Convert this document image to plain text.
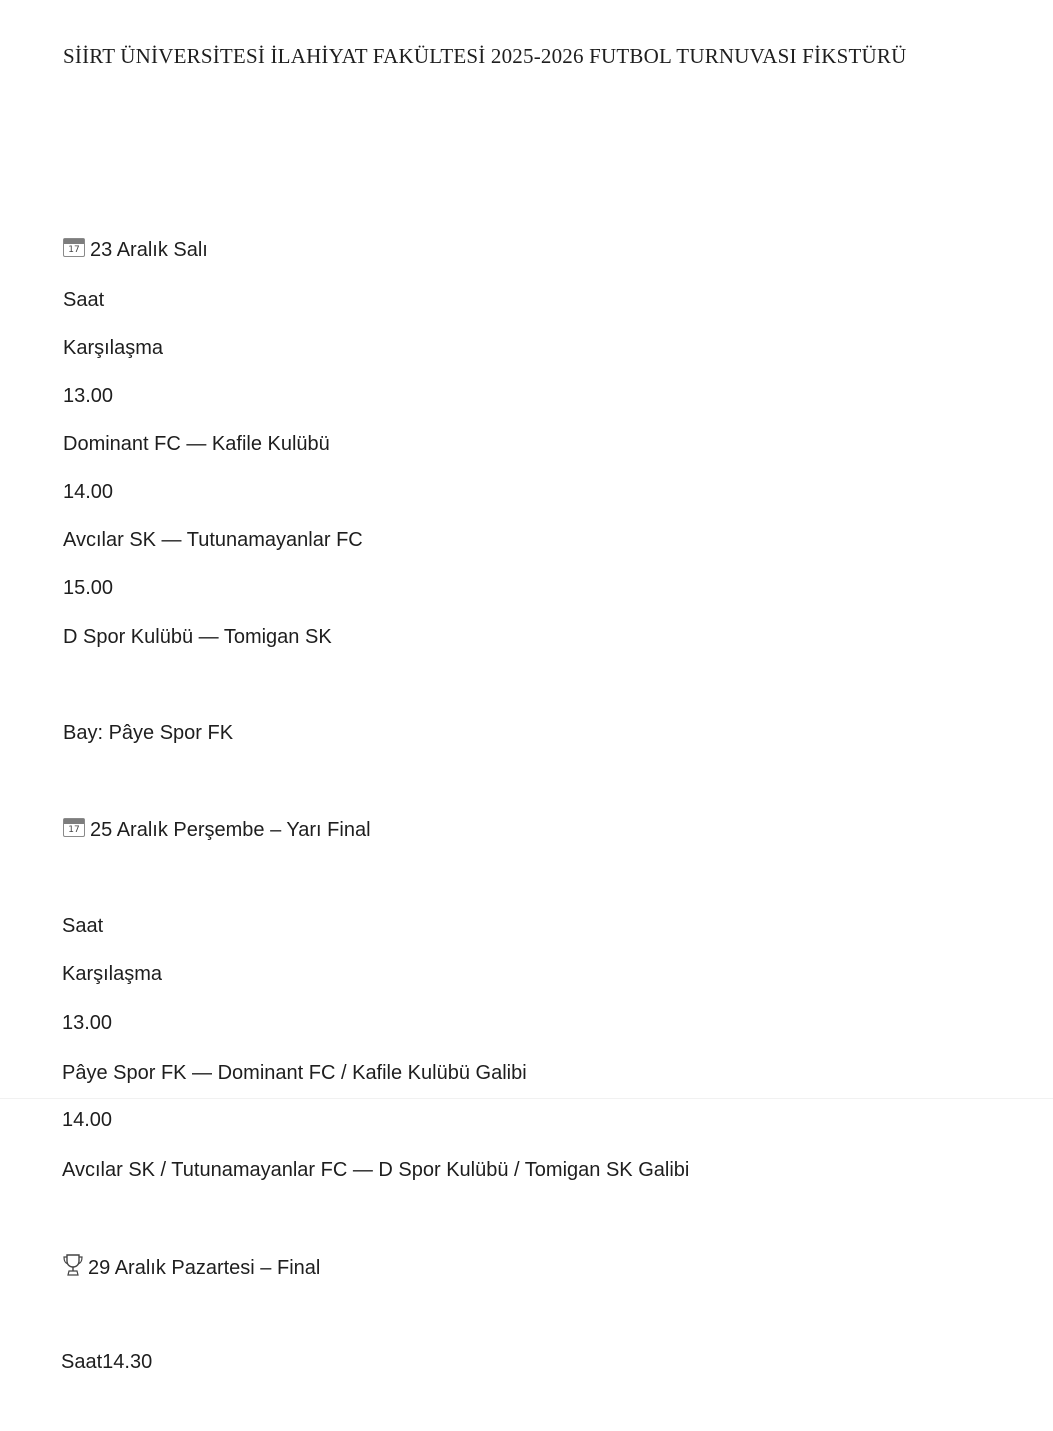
SİİRT ÜNİVERSİTESİ İLAHİYAT FAKÜLTESİ 2025-2026 FUTBOL TURNUVASI FİKSTÜRÜ
17 23 Aralık Salı
Saat
Karşılaşma
13.00
Dominant FC — Kafile Kulübü
14.00
Avcılar SK — Tutunamayanlar FC
15.00
D Spor Kulübü — Tomigan SK
Bay: Pâye Spor FK
17 25 Aralık Perşembe – Yarı Final
Saat
Karşılaşma
13.00
Pâye Spor FK — Dominant FC / Kafile Kulübü Galibi
14.00
Avcılar SK / Tutunamayanlar FC — D Spor Kulübü / Tomigan SK Galibi
29 Aralık Pazartesi – Final
Saat14.30
